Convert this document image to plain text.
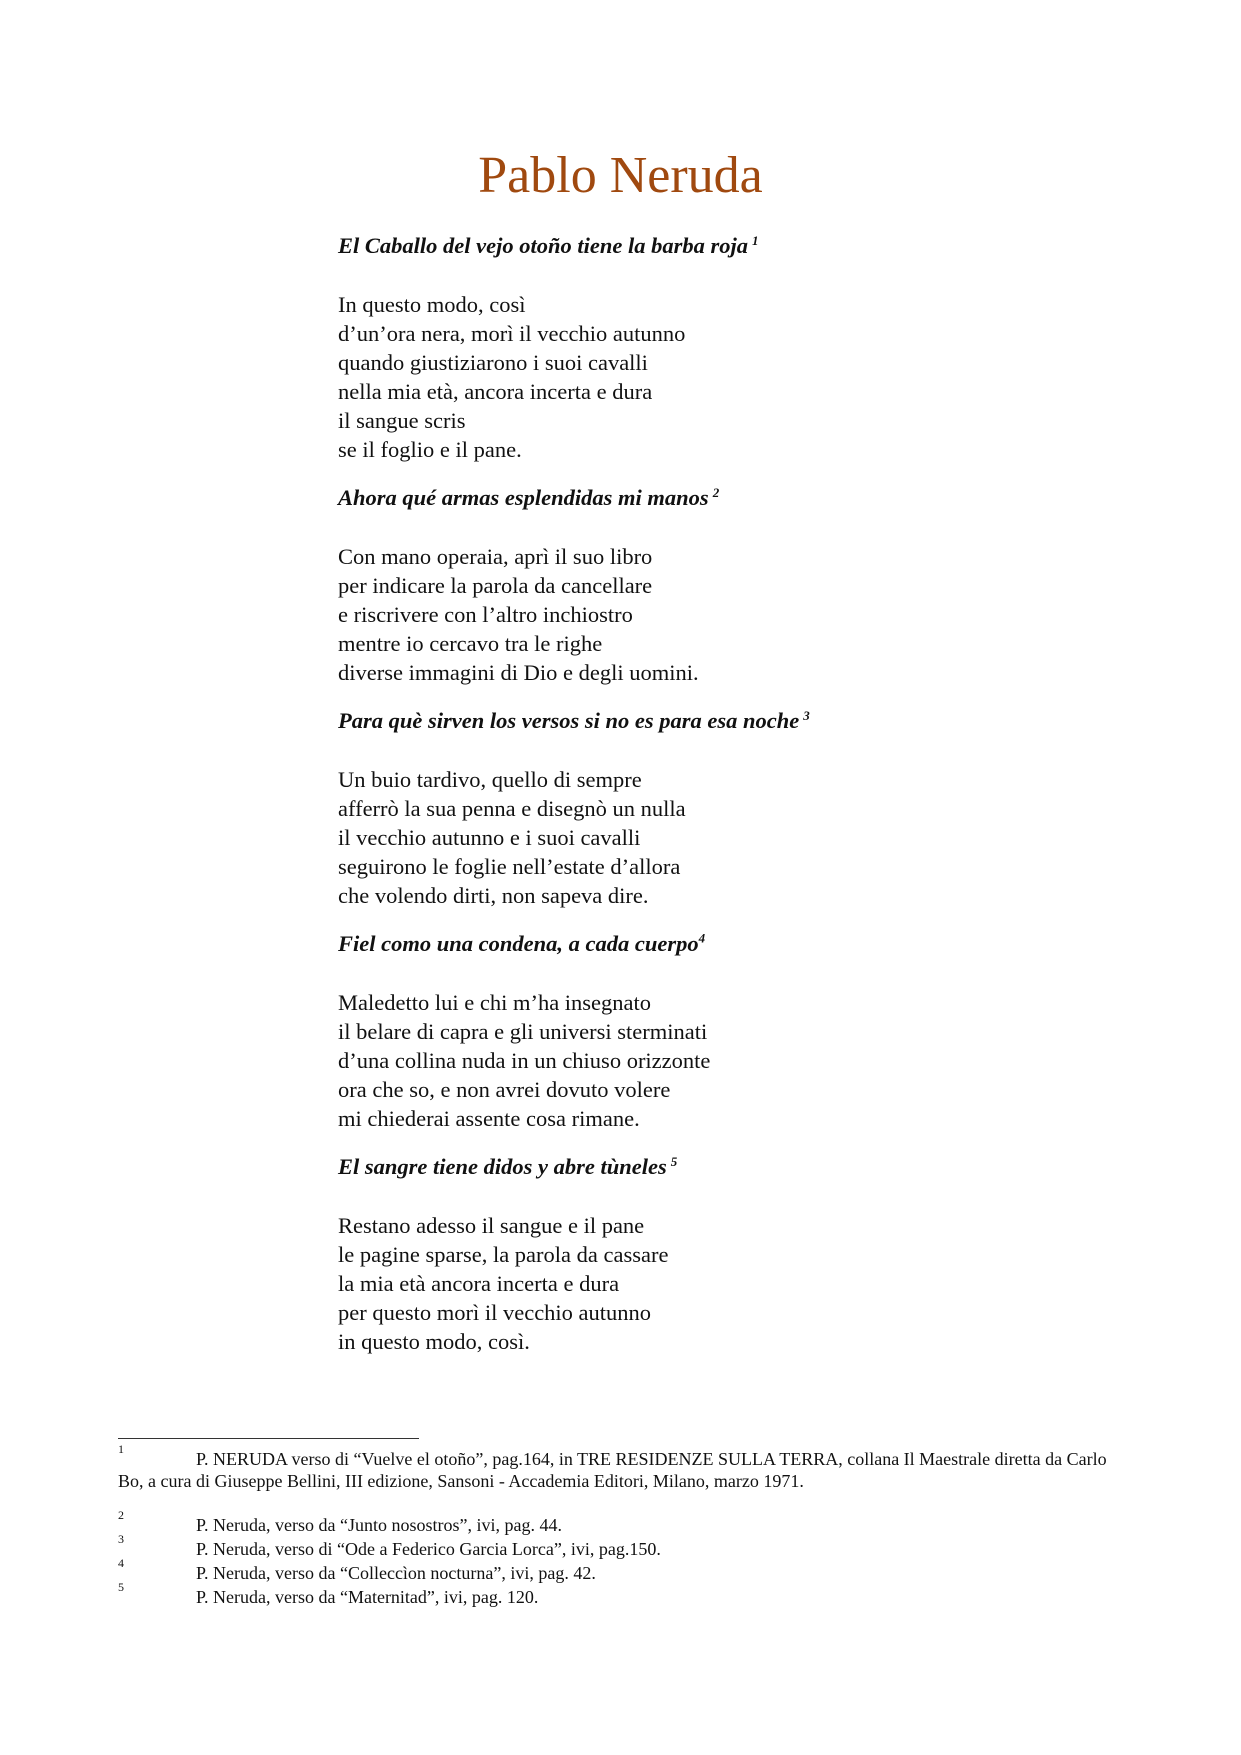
Pablo Neruda

El Caballo del vejo otoño tiene la barba roja $^1$

In questo modo, così
d’un’ora nera, morì il vecchio autunno
quando giustiziarono i suoi cavalli
nella mia età, ancora incerta e dura
il sangue scris
se il foglio e il pane.

Ahora qué armas esplendidas mi manos $^2$

Con mano operaia, aprì il suo libro
per indicare la parola da cancellare
e riscrivere con l’altro inchiostro
mentre io cercavo tra le righe
diverse immagini di Dio e degli uomini.

Para què sirven los versos si no es para esa noche $^3$

Un buio tardivo, quello di sempre
afferrò la sua penna e disegnò un nulla
il vecchio autunno e i suoi cavalli
seguirono le foglie nell’estate d’allora
che volendo dirti, non sapeva dire.

Fiel como una condena, a cada cuerpo$^4$

Maledetto lui e chi m’ha insegnato
il belare di capra e gli universi sterminati
d’una collina nuda in un chiuso orizzonte
ora che so, e non avrei dovuto volere
mi chiederai assente cosa rimane.

El sangre tiene didos y abre tùneles $^5$

Restano adesso il sangue e il pane
le pagine sparse, la parola da cassare
la mia età ancora incerta e dura
per questo morì il vecchio autunno
in questo modo, così.
1	P. NERUDA verso di “Vuelve el otoño”, pag.164, in TRE RESIDENZE SULLA TERRA, collana Il Maestrale diretta da Carlo Bo, a cura di Giuseppe Bellini, III edizione, Sansoni - Accademia Editori, Milano, marzo 1971.
2	P. Neruda, verso da “Junto nosostros”, ivi, pag. 44.
3	P. Neruda, verso di “Ode a Federico Garcia Lorca”, ivi, pag.150.
4	P. Neruda, verso da “Colleccìon nocturna”, ivi, pag. 42.
5	P. Neruda, verso da “Maternitad”, ivi, pag. 120.
